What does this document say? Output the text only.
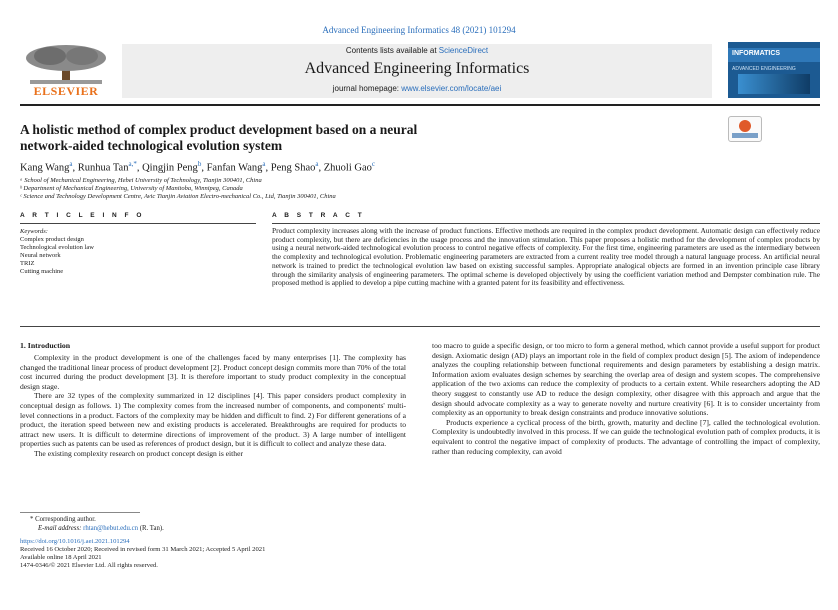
Advanced Engineering Informatics 48 (2021) 101294
ELSEVIER
Contents lists available at ScienceDirect
Advanced Engineering Informatics
journal homepage: www.elsevier.com/locate/aei
INFORMATICS
ADVANCED ENGINEERING
A holistic method of complex product development based on a neural
network-aided technological evolution system
Kang Wang$^a$, Runhua Tan$^{a,*}$, Qingjin Peng$^b$, Fanfan Wang$^a$, Peng Shao$^a$, Zhuoli Gao$^c$
ᵃ School of Mechanical Engineering, Hebei University of Technology, Tianjin 300401, China
ᵇ Department of Mechanical Engineering, University of Manitoba, Winnipeg, Canada
ᶜ Science and Technology Development Centre, Avic Tianjin Aviation Electro-mechanical Co., Ltd, Tianjin 300401, China
A R T I C L E I N F O	A B S T R A C T
Keywords:
Complex product design
Technological evolution law
Neural network
TRIZ
Cutting machine
Product complexity increases along with the increase of product functions. Effective methods are required in the complex product development. Automatic design can effectively reduce product complexity, but there are deficiencies in the usage process and the innovation stimulation. This paper proposes a holistic method for the development of complex products by using a neural network-aided technological evolution process to control negative effects of complexity. For the first time, engineering parameters are used as the intermediary between the complexity and technological evolution. Problematic engineering parameters are extracted from a current reality tree model through a natural language process. An artificial neural network is trained to predict the technological evolution law based on existing successful samples. Appropriate analogical objects are formed in an invention principle case library through the similarity analysis of engineering parameters. The optimal scheme is developed objectively by using the coefficient variation method and Dempster combination rule. The proposed method is applied to develop a pipe cutting machine with a granted patent for its feasibility and effectiveness.
1. Introduction

Complexity in the product development is one of the challenges faced by many enterprises [1]. The complexity has changed the traditional linear process of product development [2]. Product concept design commits more than 70% of the total cost incurred during the product development [3]. It is therefore important to study product complexity in the conceptual design stage.

There are 32 types of the complexity summarized in 12 disciplines [4]. This paper considers product complexity in conceptual design as follows. 1) The complexity comes from the increased number of components, and components' multi-level connections in a product. Factors of the complexity may be hidden and difficult to find. 2) For different generations of a product, the iteration speed between new and existing products is accelerated. Breakthroughs are required for products to attract new users. It is difficult to determine directions of improvement of the product. 3) A large number of intelligent properties such as patents can be used as references of product design, but it is difficult to collect and analyze these data.

The existing complexity research on product concept design is either

too macro to guide a specific design, or too micro to form a general method, which cannot provide a useful support for product design. Axiomatic design (AD) plays an important role in the field of complex product design [5]. The axiom of independence analyzes the coupling relationship between functional requirements and design parameters by establishing a design matrix. Information axiom evaluates design schemes by searching the overlap area of design and system scopes. The comprehensive application of the two axioms can reduce the complexity of products to a certain extent. While researchers adopting the AD theory suggest to constantly use AD to reduce the design complexity, other disagree with this approach and argue that the design should advocate complexity as a way to generate novelty and nurture creativity [6]. It is to consider uncertainty from complexity as an opportunity to break design constraints and produce innovative solutions.

Products experience a cyclical process of the birth, growth, maturity and decline [7], called the technological evolution. Complexity is undoubtedly involved in this process. If we can guide the technological evolution path of complex products, it is equivalent to control the negative impact of complexity of products. The advantage of controlling the impact of complexity, rather than reducing complexity, can avoid

* Corresponding author.
E-mail address: rhtan@hebut.edu.cn (R. Tan).
https://doi.org/10.1016/j.aei.2021.101294
Received 16 October 2020; Received in revised form 31 March 2021; Accepted 5 April 2021
Available online 18 April 2021
1474-0346/© 2021 Elsevier Ltd. All rights reserved.
